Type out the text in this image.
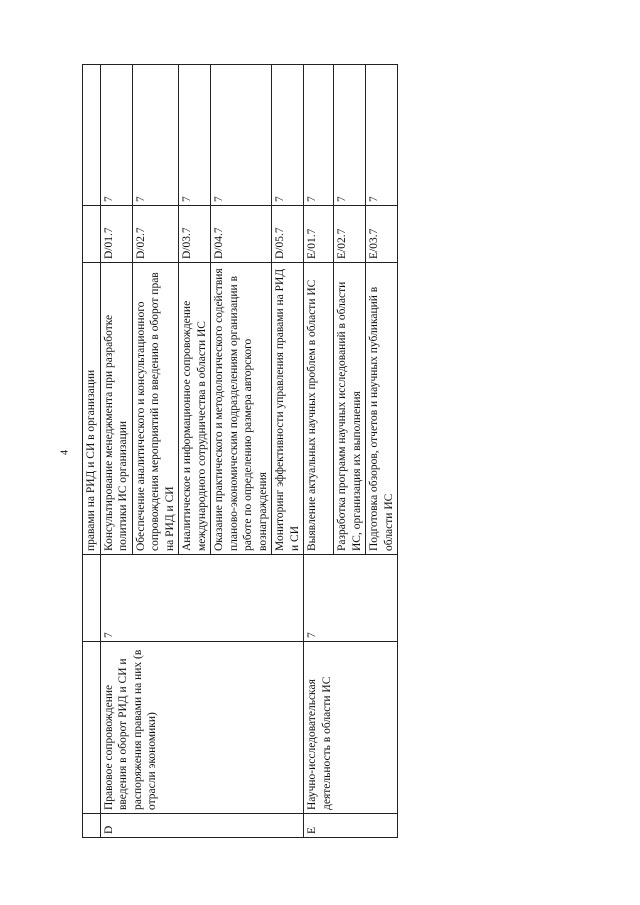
4
			правами на РИД и СИ в организации		
D	Правовое сопровождение введения в оборот РИД и СИ и распоряжения правами на них (в отрасли экономики)	7	Консультирование менеджмента при разработке политики ИС организации	D/01.7	7
			Обеспечение аналитического и консультационного сопровождения мероприятий по введению в оборот прав на РИД и СИ	D/02.7	7
			Аналитическое и информационное сопровождение международного сотрудничества в области ИС	D/03.7	7
			Оказание практического и методологического содействия планово-экономическим подразделениям организации в работе по определению размера авторского вознаграждения	D/04.7	7
			Мониторинг эффективности управления правами на РИД и СИ	D/05.7	7
E	Научно-исследовательская деятельность в области ИС	7	Выявление актуальных научных проблем в области ИС	E/01.7	7
			Разработка программ научных исследований в области ИС, организация их выполнения	E/02.7	7
			Подготовка обзоров, отчетов и научных публикаций в области ИС	E/03.7	7
